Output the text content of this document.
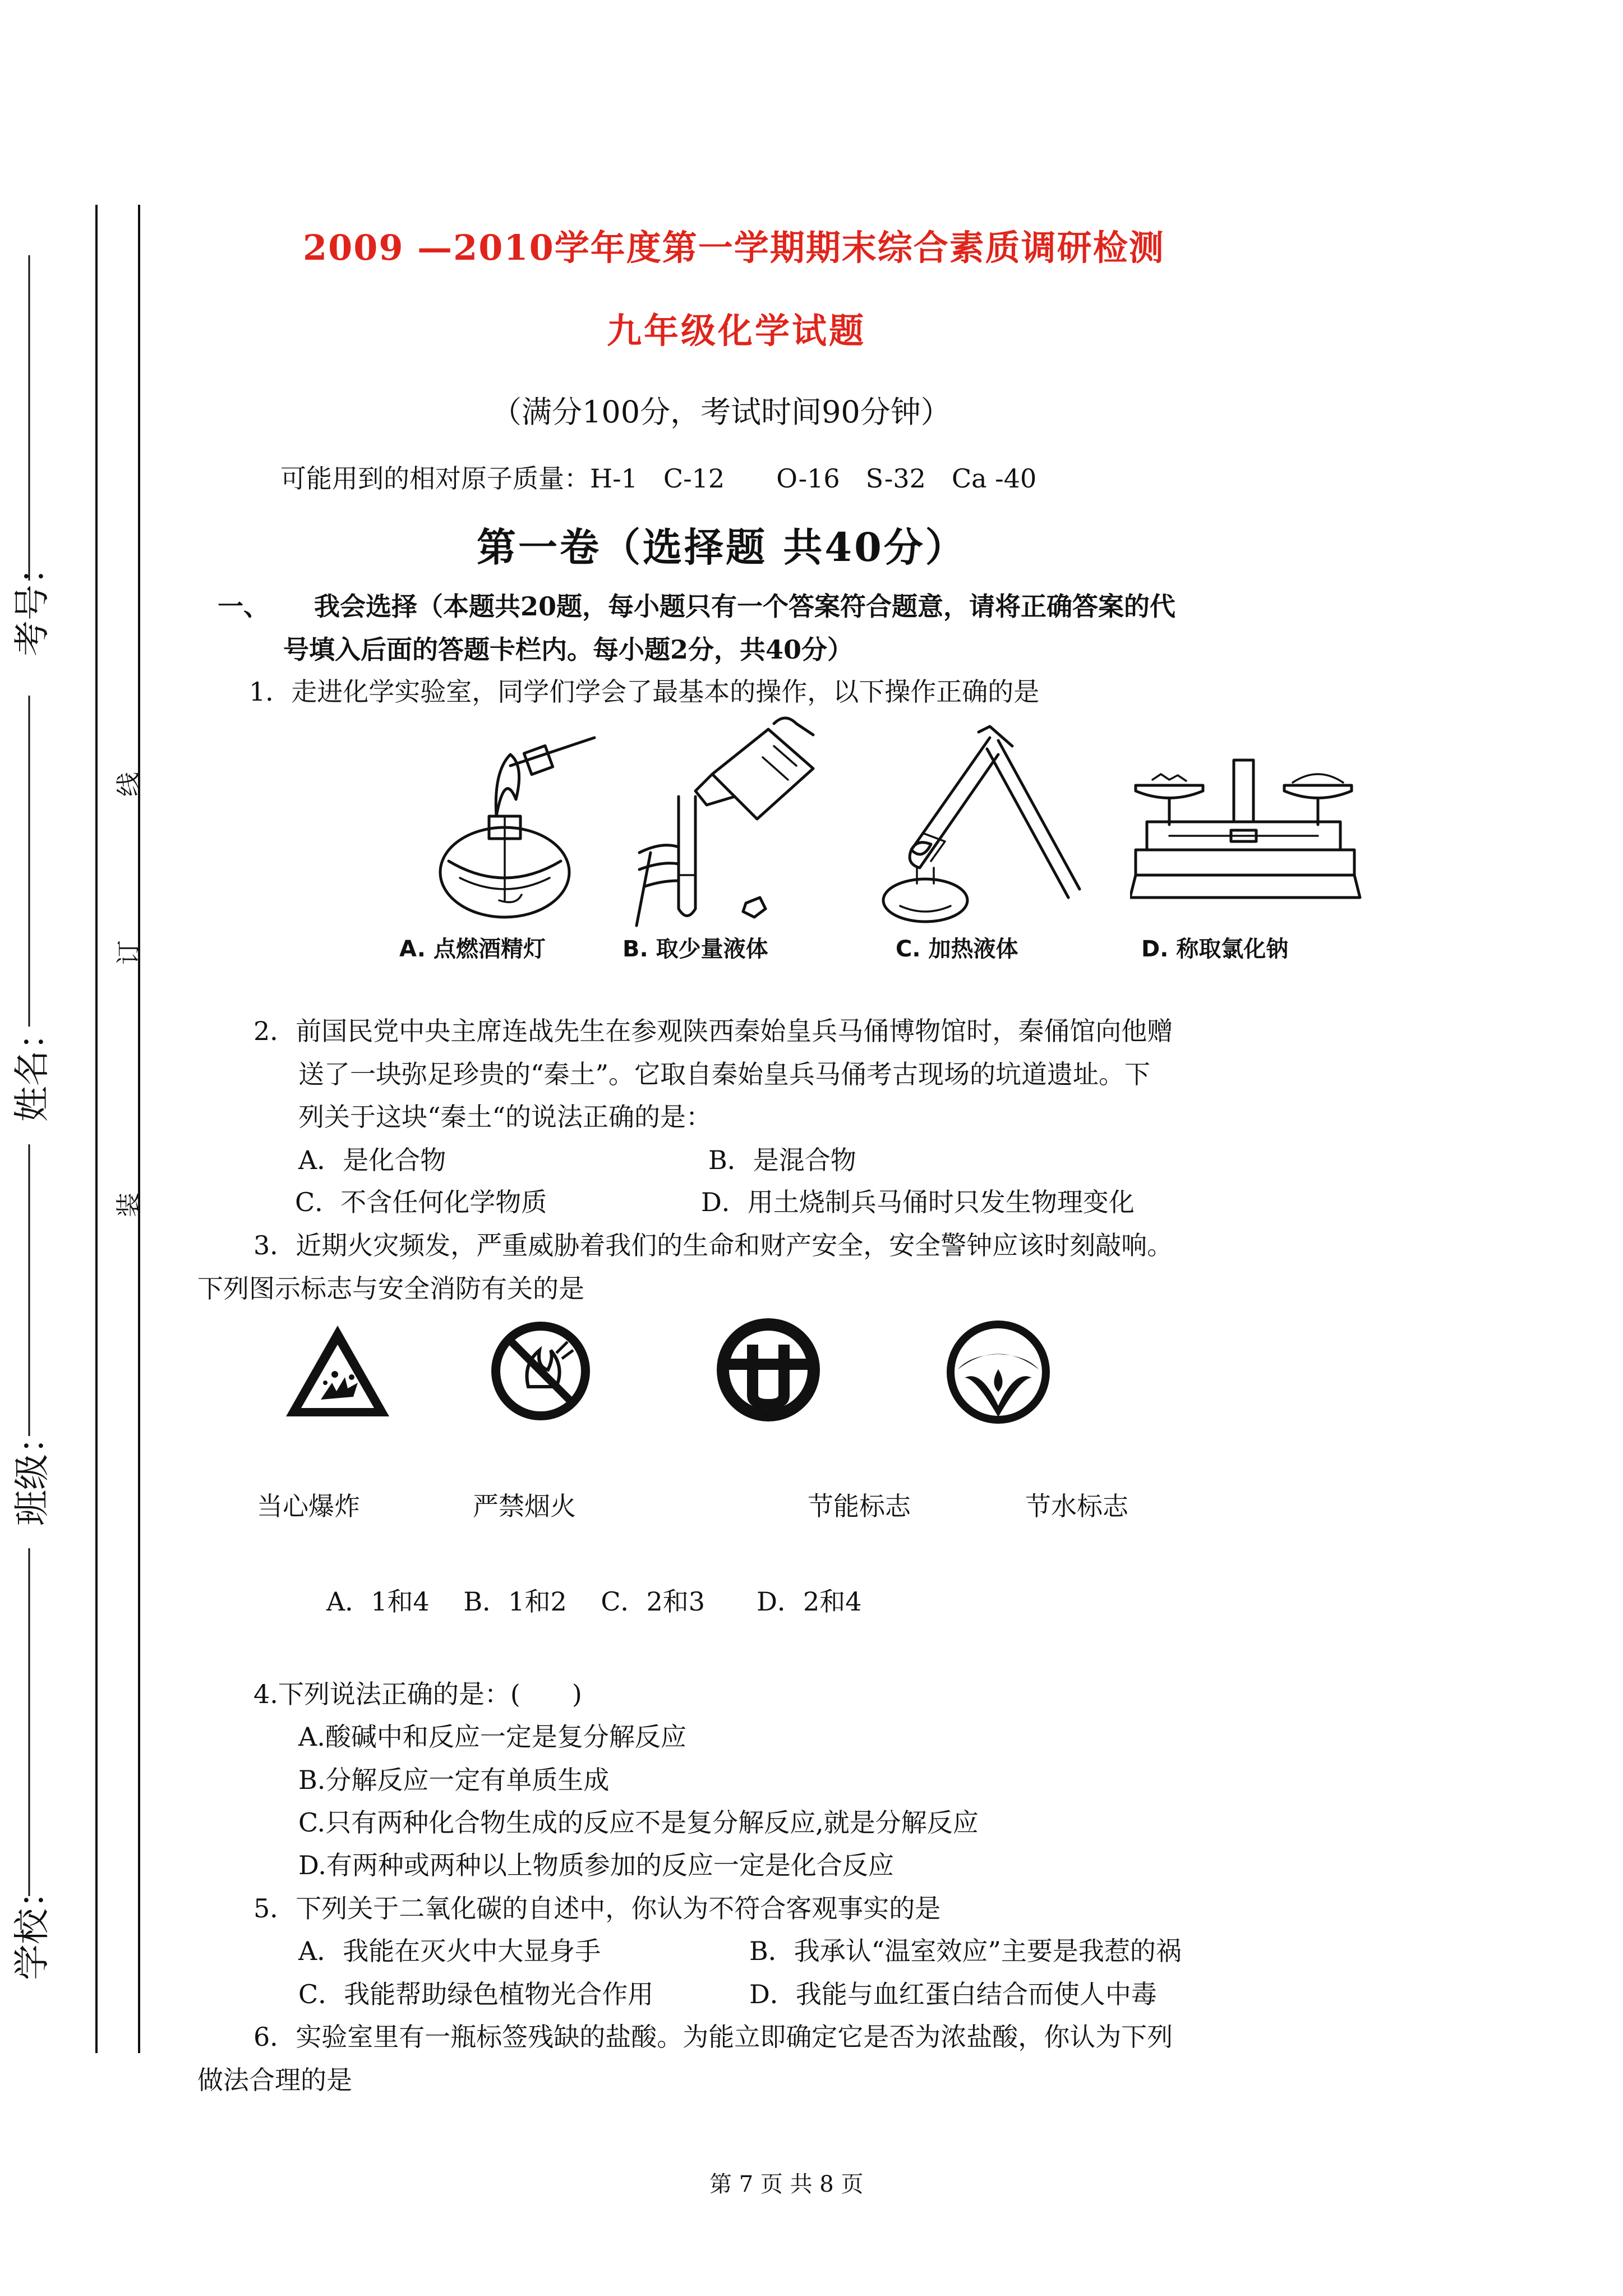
考号：
姓名：
班级：
学校：
线
订
装
2009 —2010学年度第一学期期末综合素质调研检测
九年级化学试题
（满分100分，考试时间90分钟）
可能用到的相对原子质量：H-1　C-12　　O-16　S-32　Ca -40
第一卷（选择题 共40分）
一、 我会选择（本题共20题，每小题只有一个答案符合题意，请将正确答案的代
号填入后面的答题卡栏内。每小题2分，共40分）
1．走进化学实验室，同学们学会了最基本的操作，以下操作正确的是
A. 点燃酒精灯	B. 取少量液体	C. 加热液体	D. 称取氯化钠
2．前国民党中央主席连战先生在参观陕西秦始皇兵马俑博物馆时，秦俑馆向他赠
送了一块弥足珍贵的“秦土”。它取自秦始皇兵马俑考古现场的坑道遗址。下
列关于这块“秦土“的说法正确的是：
A．是化合物	B．是混合物
C．不含任何化学物质	D．用土烧制兵马俑时只发生物理变化
3．近期火灾频发，严重威胁着我们的生命和财产安全，安全警钟应该时刻敲响。
下列图示标志与安全消防有关的是
当心爆炸	严禁烟火	节能标志	节水标志
A．1和4　 B．1和2　 C．2和3　　D．2和4
4.下列说法正确的是：(　　)
A.酸碱中和反应一定是复分解反应
B.分解反应一定有单质生成
C.只有两种化合物生成的反应不是复分解反应,就是分解反应
D.有两种或两种以上物质参加的反应一定是化合反应
5．下列关于二氧化碳的自述中，你认为不符合客观事实的是
A．我能在灭火中大显身手	B．我承认“温室效应”主要是我惹的祸
C．我能帮助绿色植物光合作用	D．我能与血红蛋白结合而使人中毒
6．实验室里有一瓶标签残缺的盐酸。为能立即确定它是否为浓盐酸，你认为下列
做法合理的是
第 7 页 共 8 页
